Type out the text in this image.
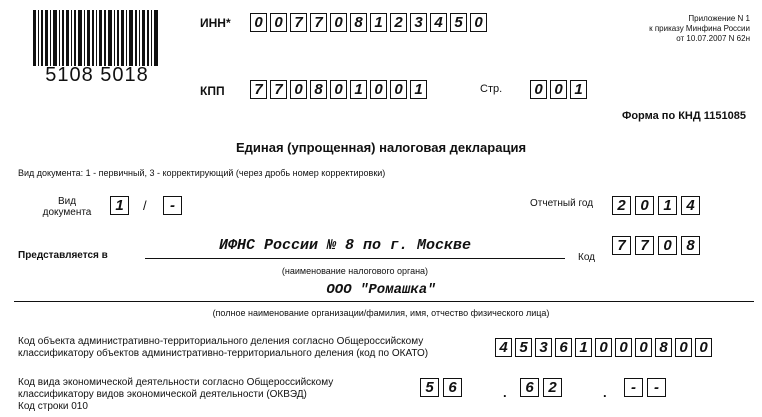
5108 5018
ИНН* 0 0 7 7 0 8 1 2 3 4 5 0	Приложение N 1
к приказу Минфина России
от 10.07.2007 N 62н
КПП 7 7 0 8 0 1 0 0 1	Стр. 0 0 1
Форма по КНД 1151085
Единая (упрощенная) налоговая декларация
Вид документа: 1 - первичный, 3 - корректирующий (через дробь номер корректировки)
Вид
документа	1	/	-	Отчетный год	2 0 1 4
Представляется в
ИФНС России № 8 по г. Москве
(наименование налогового органа)
Код
7 7 0 8
ООО "Ромашка"
(полное наименование организации/фамилия, имя, отчество физического лица)
Код объекта административно-территориального деления согласно Общероссийскому
классификатору объектов административно-территориального деления (код по ОКАТО)	4 5 3 6 1 0 0 0 8 0 0
Код вида экономической деятельности согласно Общероссийскому
классификатору видов экономической деятельности (ОКВЭД)
Код строки 010
5 6	.	6 2	.	-	-
